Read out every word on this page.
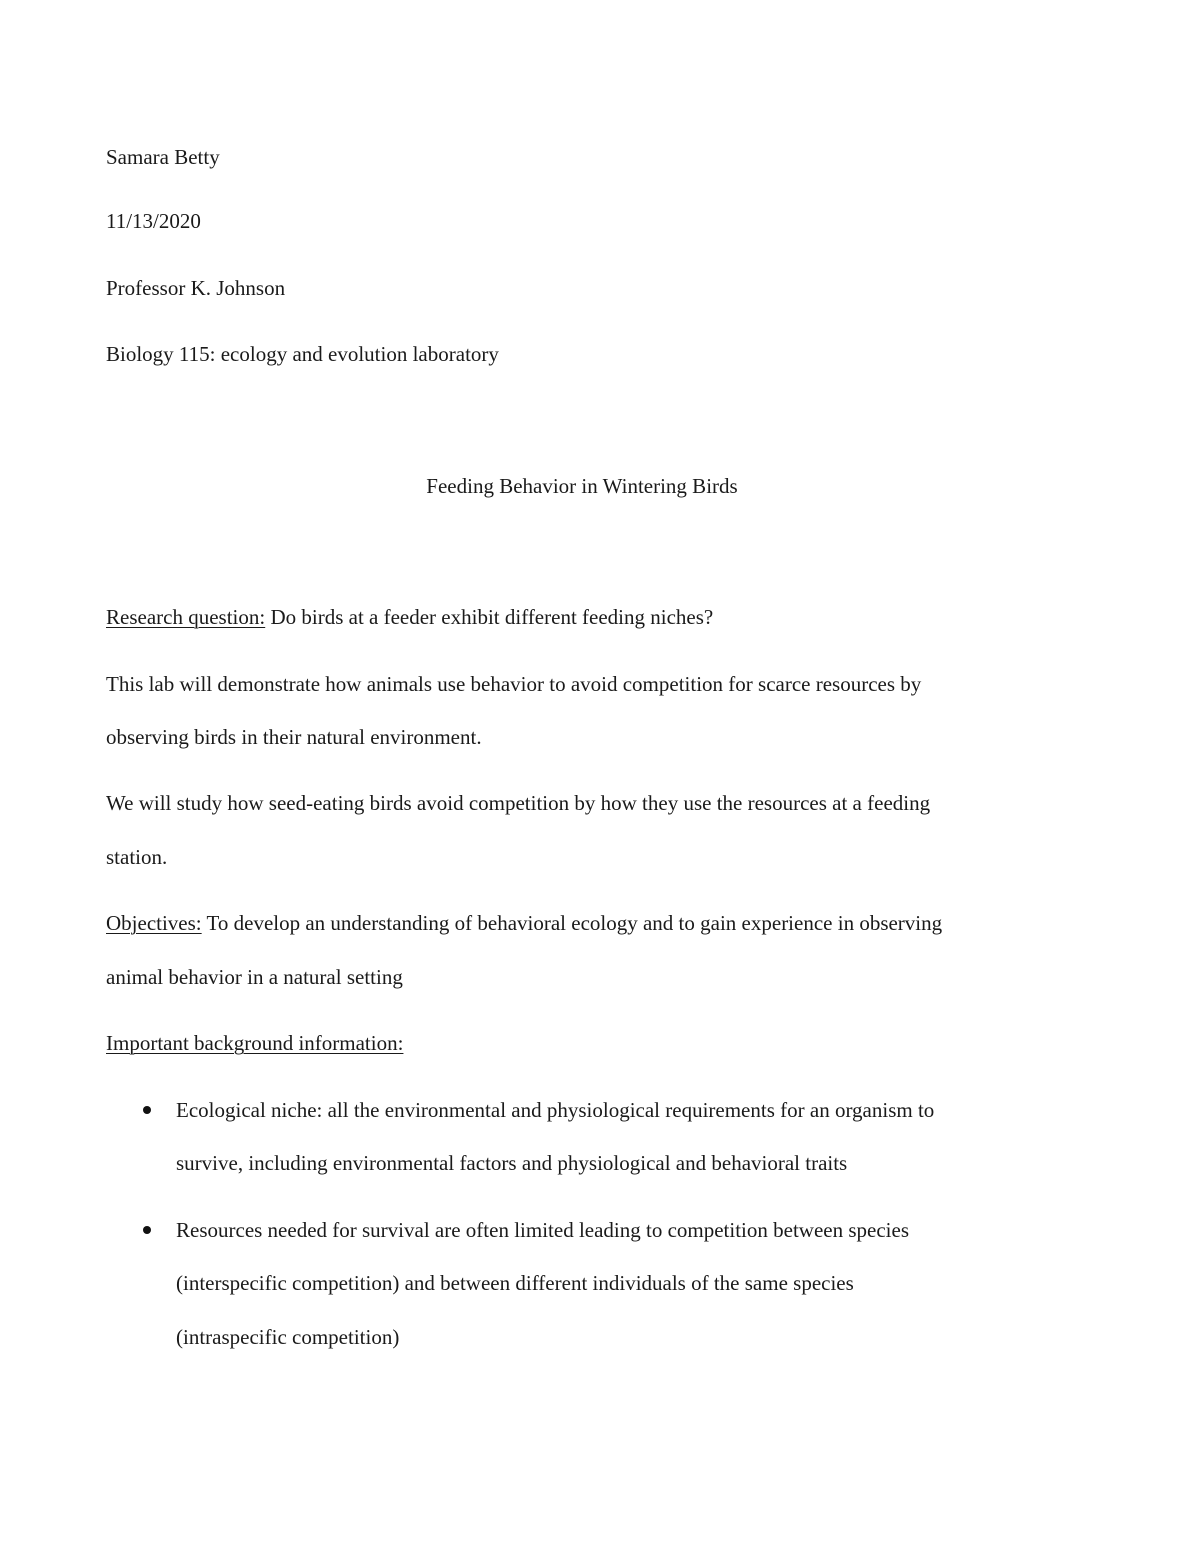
Samara Betty
11/13/2020
Professor K. Johnson
Biology 115: ecology and evolution laboratory
Feeding Behavior in Wintering Birds
Research question: Do birds at a feeder exhibit different feeding niches?
This lab will demonstrate how animals use behavior to avoid competition for scarce resources by
observing birds in their natural environment.
We will study how seed-eating birds avoid competition by how they use the resources at a feeding
station.
Objectives: To develop an understanding of behavioral ecology and to gain experience in observing
animal behavior in a natural setting
Important background information:
Ecological niche: all the environmental and physiological requirements for an organism to
survive, including environmental factors and physiological and behavioral traits
Resources needed for survival are often limited leading to competition between species
(interspecific competition) and between different individuals of the same species
(intraspecific competition)
